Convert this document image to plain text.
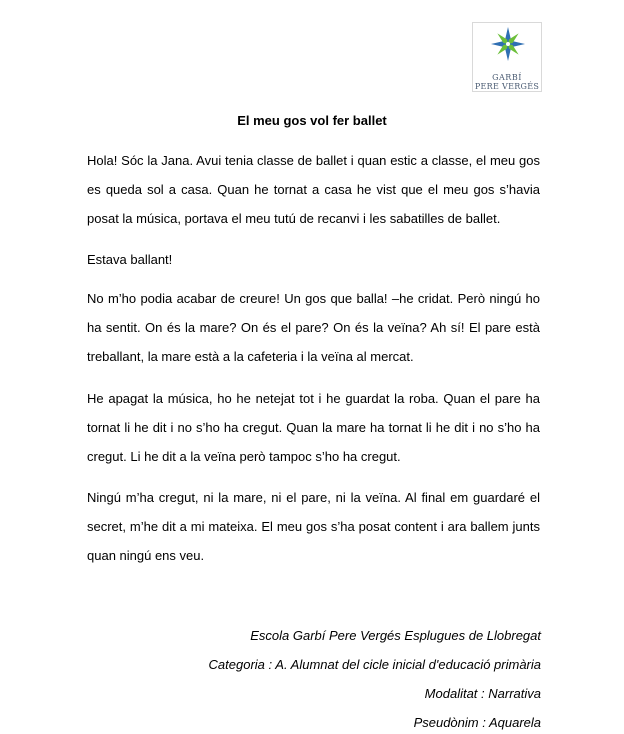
GARBÍ
PERE VERGÉS
El meu gos vol fer ballet

Hola! Sóc la Jana. Avui tenia classe de ballet i quan estic a classe, el meu gos es queda sol a casa. Quan he tornat a casa he vist que el meu gos s’havia posat la música, portava el meu tutú de recanvi i les sabatilles de ballet.

Estava ballant!

No m’ho podia acabar de creure! Un gos que balla! –he cridat. Però ningú ho ha sentit. On és la mare? On és el pare? On és la veïna? Ah sí! El pare està treballant, la mare està a la cafeteria i la veïna al mercat.

He apagat la música, ho he netejat tot i he guardat la roba. Quan el pare ha tornat li he dit i no s’ho ha cregut. Quan la mare ha tornat li he dit i no s’ho ha cregut. Li he dit a la veïna però tampoc s’ho ha cregut.

Ningú m’ha cregut, ni la mare, ni el pare, ni la veïna. Al final em guardaré el secret, m’he dit a mi mateixa. El meu gos s’ha posat content i ara ballem junts quan ningú ens veu.

Escola Garbí Pere Vergés Esplugues de Llobregat
Categoria : A. Alumnat del cicle inicial d'educació primària
Modalitat : Narrativa
Pseudònim : Aquarela
